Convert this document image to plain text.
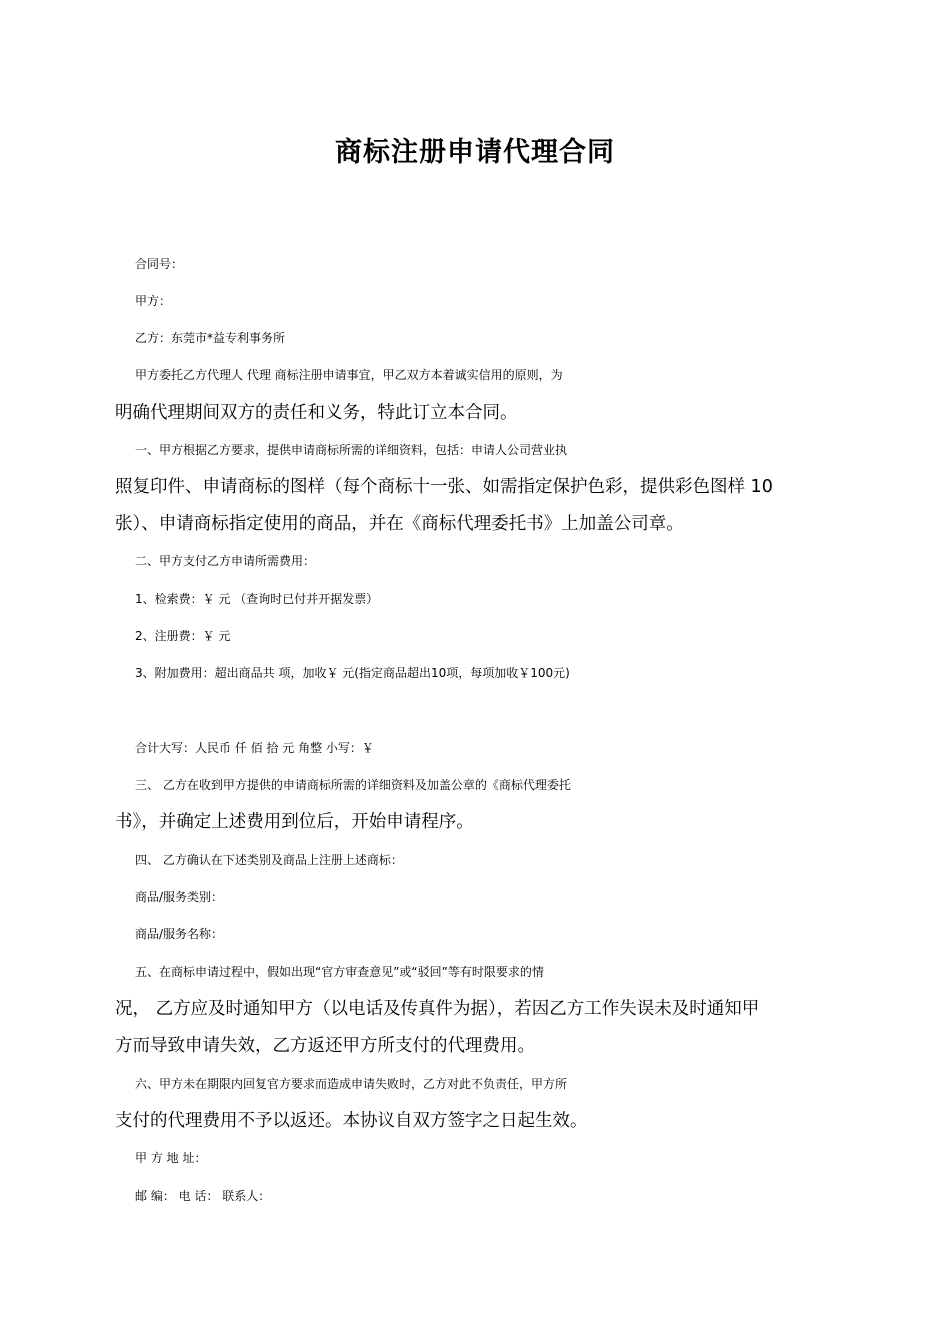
商标注册申请代理合同
合同号：
甲方：
乙方：东莞市*益专利事务所
甲方委托乙方代理人 代理 商标注册申请事宜，甲乙双方本着诚实信用的原则，为
明确代理期间双方的责任和义务，特此订立本合同。
一、甲方根据乙方要求，提供申请商标所需的详细资料，包括：申请人公司营业执
照复印件、申请商标的图样（每个商标十一张、如需指定保护色彩，提供彩色图样 10
张）、申请商标指定使用的商品，并在《商标代理委托书》上加盖公司章。
二、甲方支付乙方申请所需费用：
1、检索费：￥ 元 （查询时已付并开据发票）
2、注册费：￥ 元
3、附加费用：超出商品共 项，加收￥ 元(指定商品超出10项，每项加收￥100元)
合计大写：人民币 仟 佰 拾 元 角整 小写：￥
三、 乙方在收到甲方提供的申请商标所需的详细资料及加盖公章的《商标代理委托
书》，并确定上述费用到位后，开始申请程序。
四、 乙方确认在下述类别及商品上注册上述商标：
商品/服务类别：
商品/服务名称：
五、在商标申请过程中，假如出现“官方审查意见”或“驳回”等有时限要求的情
况， 乙方应及时通知甲方（以电话及传真件为据），若因乙方工作失误未及时通知甲
方而导致申请失效，乙方返还甲方所支付的代理费用。
六、甲方未在期限内回复官方要求而造成申请失败时，乙方对此不负责任，甲方所
支付的代理费用不予以返还。本协议自双方签字之日起生效。
甲 方 地 址：
邮 编： 电 话： 联系人：
